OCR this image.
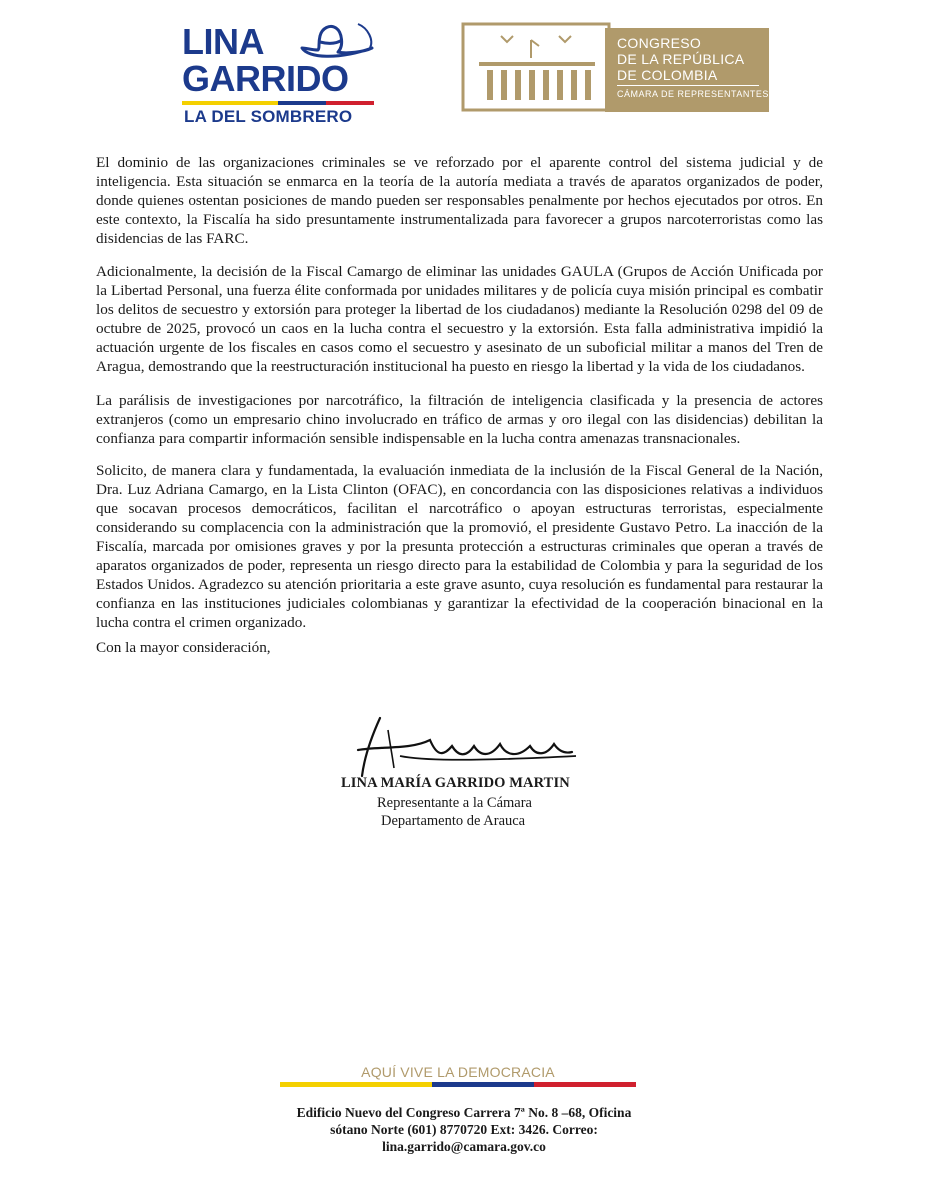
LINA
GARRIDO
LA DEL SOMBRERO
CONGRESO
DE LA REPÚBLICA
DE COLOMBIA
CÁMARA DE REPRESENTANTES

El dominio de las organizaciones criminales se ve reforzado por el aparente control del sistema judicial y de inteligencia. Esta situación se enmarca en la teoría de la autoría mediata a través de aparatos organizados de poder, donde quienes ostentan posiciones de mando pueden ser responsables penalmente por hechos ejecutados por otros. En este contexto, la Fiscalía ha sido presuntamente instrumentalizada para favorecer a grupos narcoterroristas como las disidencias de las FARC.

Adicionalmente, la decisión de la Fiscal Camargo de eliminar las unidades GAULA (Grupos de Acción Unificada por la Libertad Personal, una fuerza élite conformada por unidades militares y de policía cuya misión principal es combatir los delitos de secuestro y extorsión para proteger la libertad de los ciudadanos) mediante la Resolución 0298 del 09 de octubre de 2025, provocó un caos en la lucha contra el secuestro y la extorsión. Esta falla administrativa impidió la actuación urgente de los fiscales en casos como el secuestro y asesinato de un suboficial militar a manos del Tren de Aragua, demostrando que la reestructuración institucional ha puesto en riesgo la libertad y la vida de los ciudadanos.

La parálisis de investigaciones por narcotráfico, la filtración de inteligencia clasificada y la presencia de actores extranjeros (como un empresario chino involucrado en tráfico de armas y oro ilegal con las disidencias) debilitan la confianza para compartir información sensible indispensable en la lucha contra amenazas transnacionales.

Solicito, de manera clara y fundamentada, la evaluación inmediata de la inclusión de la Fiscal General de la Nación, Dra. Luz Adriana Camargo, en la Lista Clinton (OFAC), en concordancia con las disposiciones relativas a individuos que socavan procesos democráticos, facilitan el narcotráfico o apoyan estructuras terroristas, especialmente considerando su complacencia con la administración que la promovió, el presidente Gustavo Petro. La inacción de la Fiscalía, marcada por omisiones graves y por la presunta protección a estructuras criminales que operan a través de aparatos organizados de poder, representa un riesgo directo para la estabilidad de Colombia y para la seguridad de los Estados Unidos. Agradezco su atención prioritaria a este grave asunto, cuya resolución es fundamental para restaurar la confianza en las instituciones judiciales colombianas y garantizar la efectividad de la cooperación binacional en la lucha contra el crimen organizado.

Con la mayor consideración,

LINA MARÍA GARRIDO MARTIN
Representante a la Cámara
Departamento de Arauca
AQUÍ VIVE LA DEMOCRACIA
Edificio Nuevo del Congreso Carrera 7ª No. 8 –68, Oficina
sótano Norte (601) 8770720 Ext: 3426. Correo:
lina.garrido@camara.gov.co
